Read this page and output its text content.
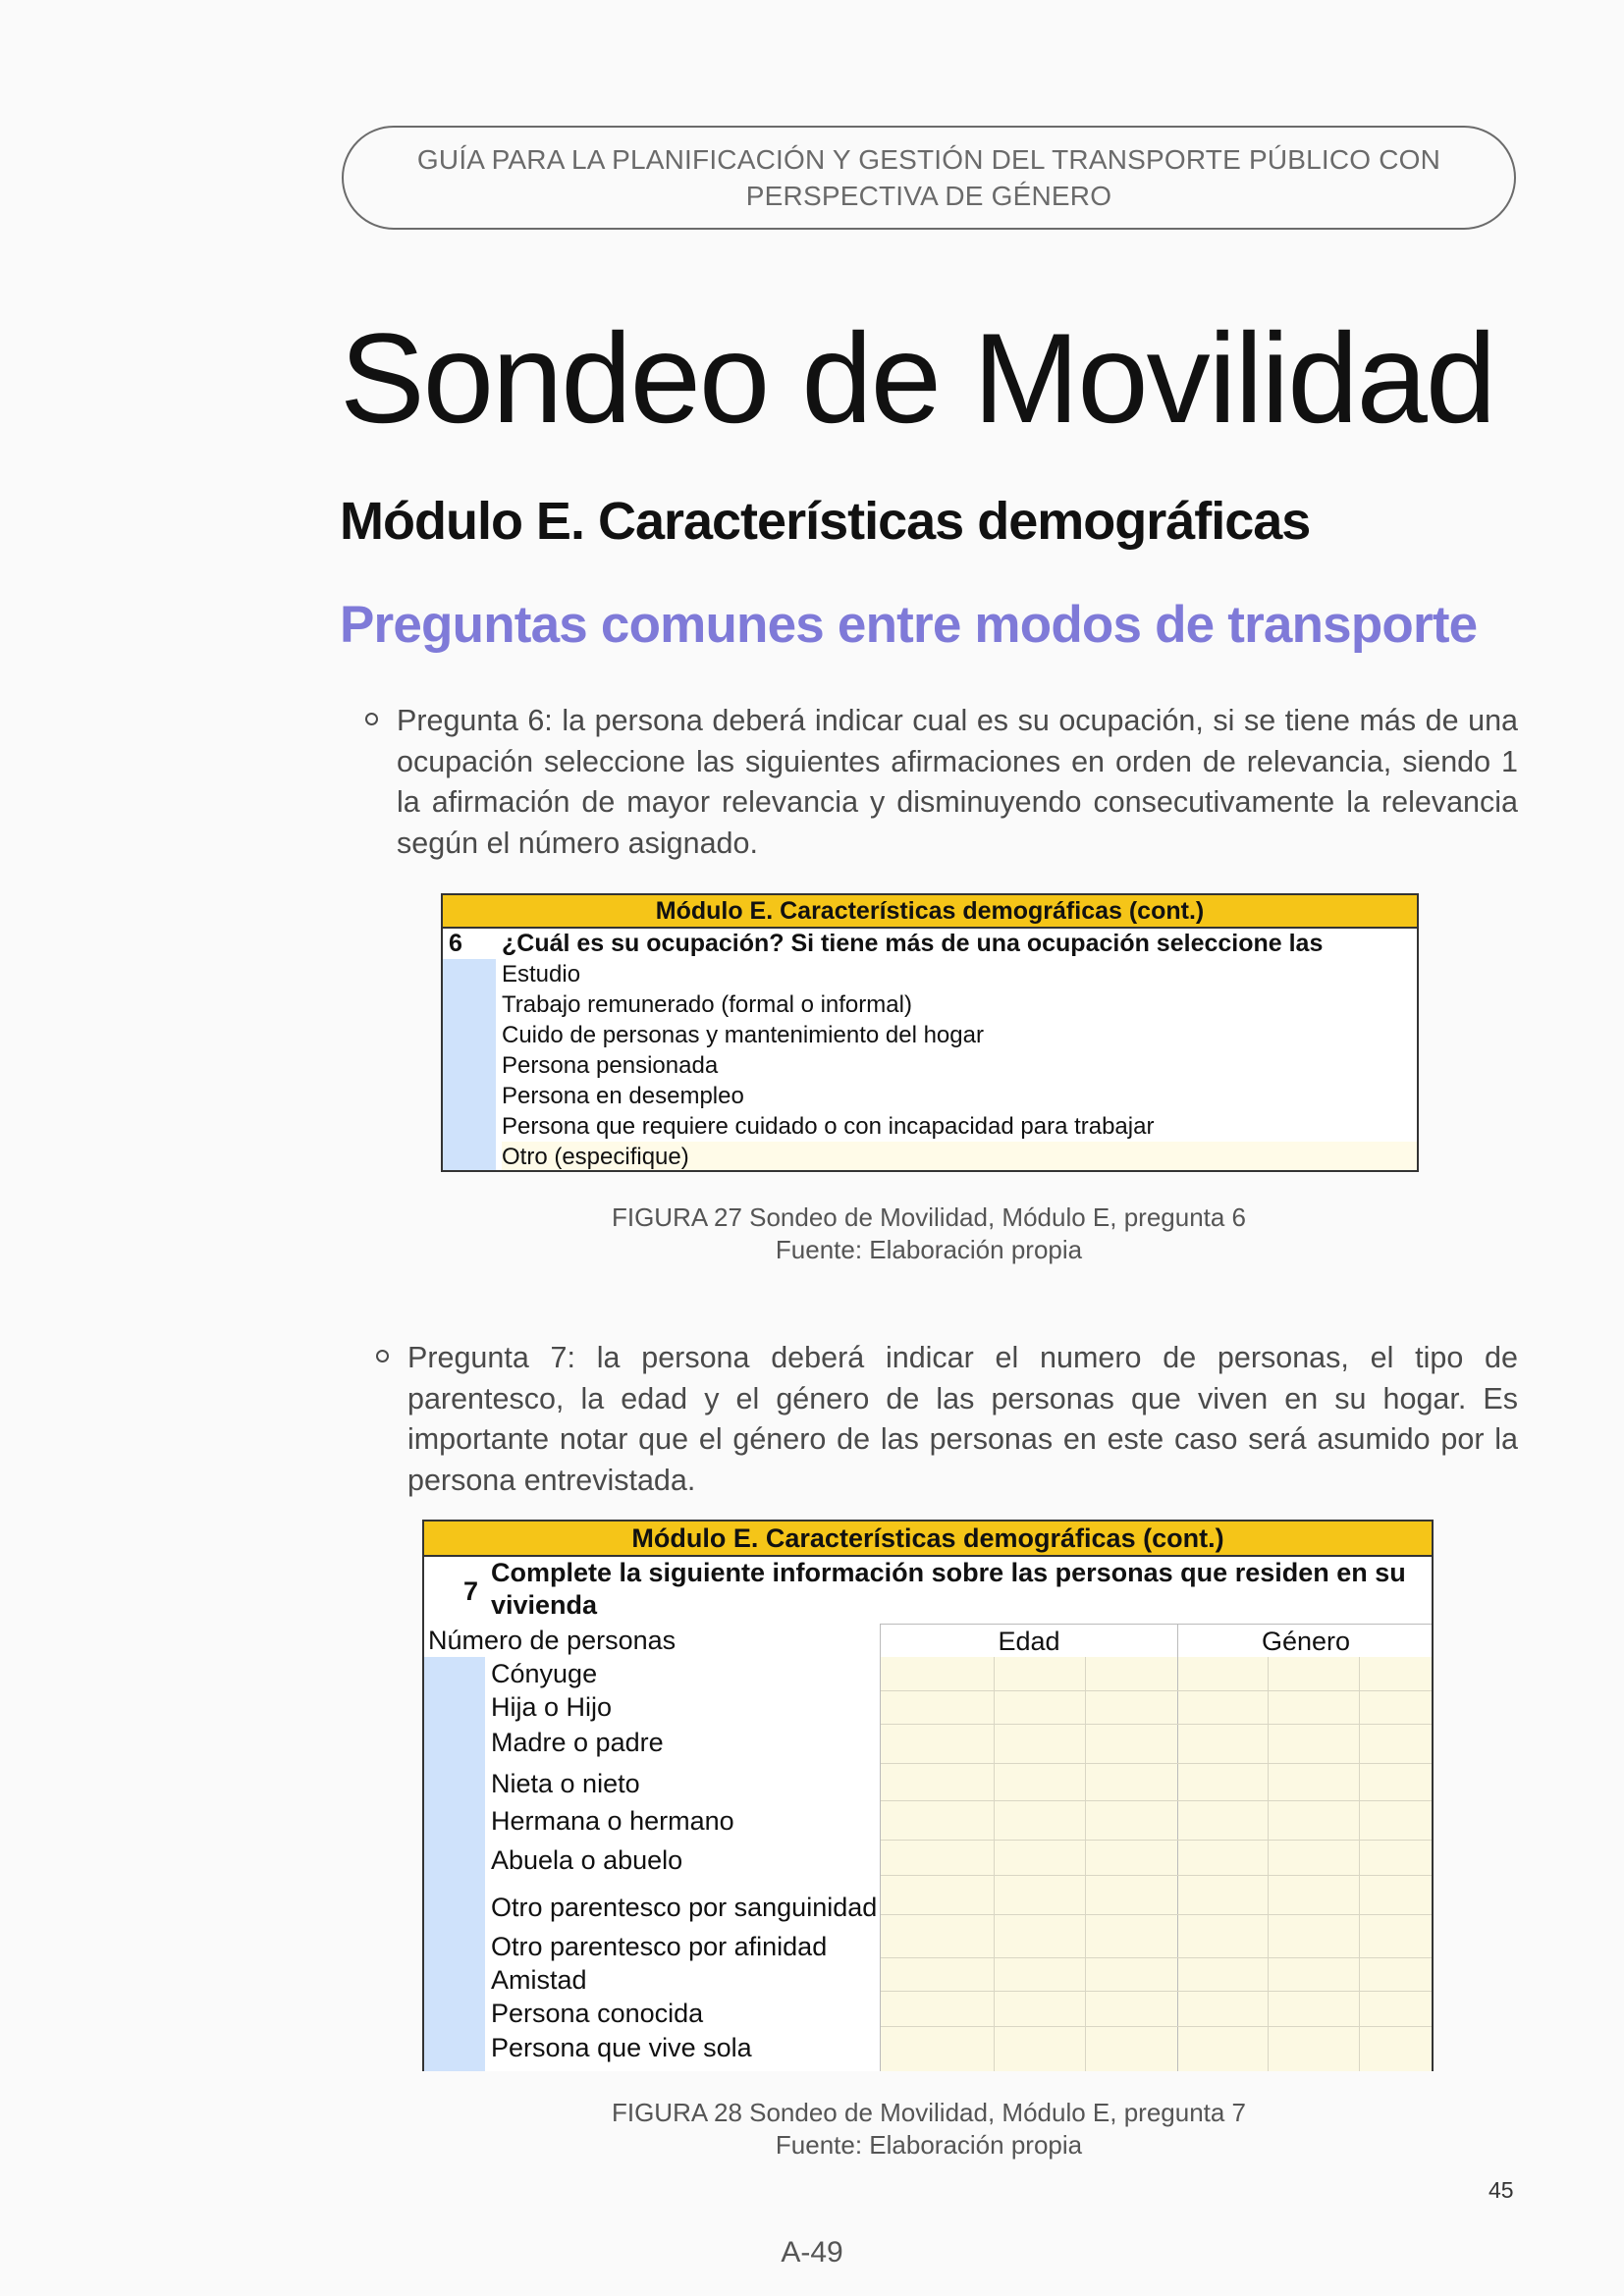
GUÍA PARA LA PLANIFICACIÓN Y GESTIÓN DEL TRANSPORTE PÚBLICO CON
PERSPECTIVA DE GÉNERO
Sondeo de Movilidad
Módulo E. Características demográficas
Preguntas comunes entre modos de transporte
Pregunta 6: la persona deberá indicar cual es su ocupación, si se tiene más de una ocupación seleccione las siguientes afirmaciones en orden de relevancia, siendo 1 la afirmación de mayor relevancia y disminuyendo consecutivamente la relevancia según el número asignado.
Módulo E. Características demográficas (cont.)
6 ¿Cuál es su ocupación? Si tiene más de una ocupación seleccione las
Estudio
Trabajo remunerado (formal o informal)
Cuido de personas y mantenimiento del hogar
Persona pensionada
Persona en desempleo
Persona que requiere cuidado o con incapacidad para trabajar
Otro (especifique)
FIGURA 27 Sondeo de Movilidad, Módulo E, pregunta 6
Fuente: Elaboración propia
Pregunta 7: la persona deberá indicar el numero de personas, el tipo de parentesco, la edad y el género de las personas que viven en su hogar. Es importante notar que el género de las personas en este caso será asumido por la persona entrevistada.
Módulo E. Características demográficas (cont.)
7
Complete la siguiente información sobre las personas que residen en su vivienda
Número de personas	Edad	Género
Cónyuge
Hija o Hijo
Madre o padre
Nieta o nieto
Hermana o hermano
Abuela o abuelo
Otro parentesco por sanguinidad
Otro parentesco por afinidad
Amistad
Persona conocida
Persona que vive sola
FIGURA 28 Sondeo de Movilidad, Módulo E, pregunta 7
Fuente: Elaboración propia
45
A-49
